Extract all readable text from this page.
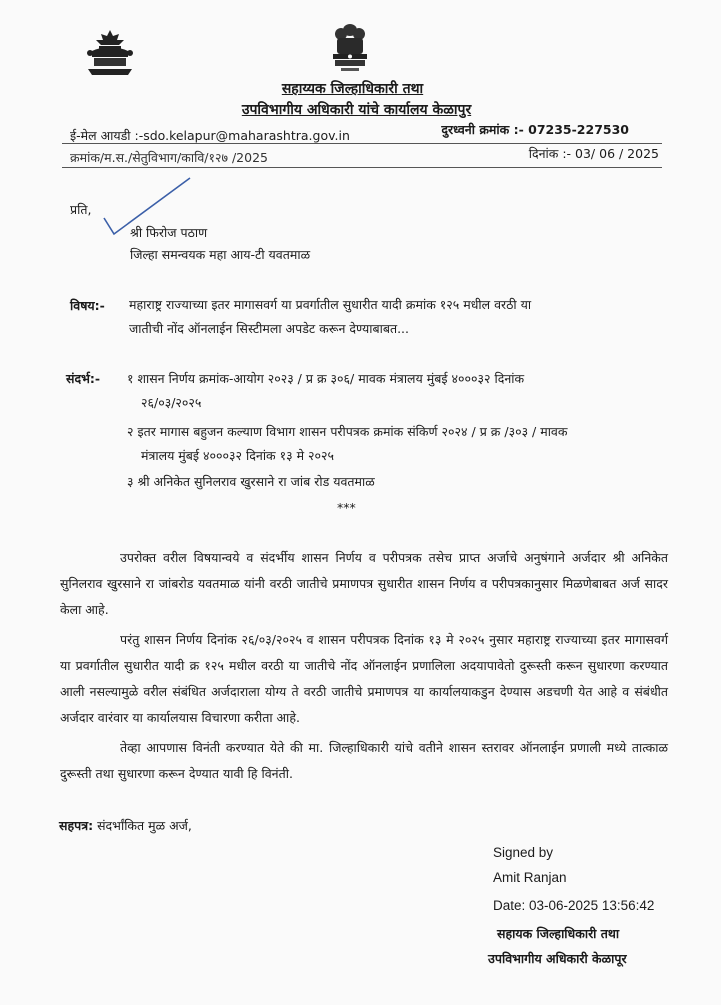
सहाय्यक जिल्हाधिकारी तथा
उपविभागीय अधिकारी यांचे कार्यालय केळापुर
ई-मेल आयडी :-sdo.kelapur@maharashtra.gov.in	दुरध्वनी क्रमांक :- 07235-227530
क्रमांक/म.स./सेतुविभाग/कावि/१२७ /2025	दिनांक :- 03/ 06 / 2025
प्रति,
श्री फिरोज पठाण
जिल्हा समन्वयक महा आय-टी यवतमाळ
विषय:- महाराष्ट्र राज्याच्या इतर मागासवर्ग या प्रवर्गातील सुधारीत यादी क्रमांक १२५ मधील वरठी या
जातीची नोंद ऑनलाईन सिस्टीमला अपडेट करून देण्याबाबत...
संदर्भ:- १ शासन निर्णय क्रमांक-आयोग २०२३ / प्र क्र ३०६/ मावक मंत्रालय मुंबई ४०००३२ दिनांक
२६/०३/२०२५
२ इतर मागास बहुजन कल्याण विभाग शासन परीपत्रक क्रमांक संकिर्ण २०२४ / प्र क्र /३०३ / मावक
मंत्रालय मुंबई ४०००३२ दिनांक १३ मे २०२५
३ श्री अनिकेत सुनिलराव खुरसाने रा जांब रोड यवतमाळ
***
उपरोक्त वरील विषयान्वये व संदर्भीय शासन निर्णय व परीपत्रक तसेच प्राप्त अर्जाचे अनुषंगाने अर्जदार श्री अनिकेत सुनिलराव खुरसाने रा जांबरोड यवतमाळ यांनी वरठी जातीचे प्रमाणपत्र सुधारीत शासन निर्णय व परीपत्रकानुसार मिळणेबाबत अर्ज सादर केला आहे.
परंतु शासन निर्णय दिनांक २६/०३/२०२५ व शासन परीपत्रक दिनांक १३ मे २०२५ नुसार महाराष्ट्र राज्याच्या इतर मागासवर्ग या प्रवर्गातील सुधारीत यादी क्र १२५ मधील वरठी या जातीचे नोंद ऑनलाईन प्रणालिला अदयापावेतो दुरूस्ती करून सुधारणा करण्यात आली नसल्यामुळे वरील संबंधित अर्जदाराला योग्य ते वरठी जातीचे प्रमाणपत्र या कार्यालयाकडुन देण्यास अडचणी येत आहे व संबंधीत अर्जदार वारंवार या कार्यालयास विचारणा करीता आहे.
तेव्हा आपणास विनंती करण्यात येते की मा. जिल्हाधिकारी यांचे वतीने शासन स्तरावर ऑनलाईन प्रणाली मध्ये तात्काळ दुरूस्ती तथा सुधारणा करून देण्यात यावी हि विनंती.
सहपत्र: संदर्भांकित मुळ अर्ज,
Signed by
Amit Ranjan
Date: 03-06-2025 13:56:42
सहायक जिल्हाधिकारी तथा
उपविभागीय अधिकारी केळापूर
